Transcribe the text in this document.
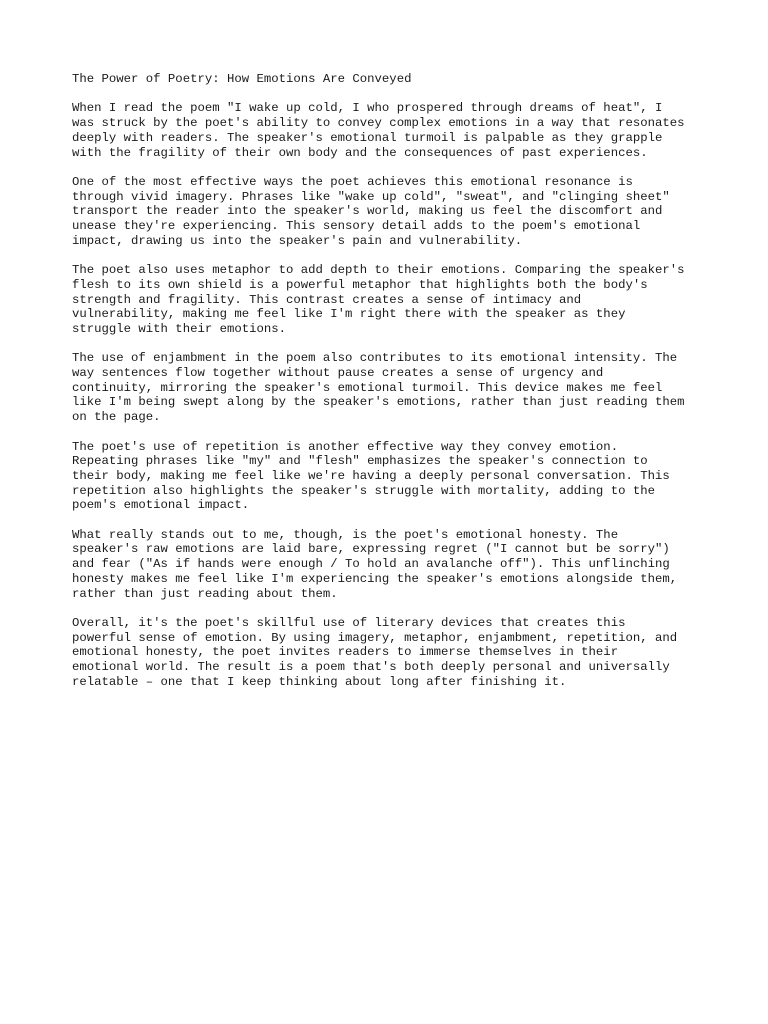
The Power of Poetry: How Emotions Are Conveyed
When I read the poem "I wake up cold, I who prospered through dreams of heat", I
was struck by the poet's ability to convey complex emotions in a way that resonates
deeply with readers. The speaker's emotional turmoil is palpable as they grapple
with the fragility of their own body and the consequences of past experiences.
One of the most effective ways the poet achieves this emotional resonance is
through vivid imagery. Phrases like "wake up cold", "sweat", and "clinging sheet"
transport the reader into the speaker's world, making us feel the discomfort and
unease they're experiencing. This sensory detail adds to the poem's emotional
impact, drawing us into the speaker's pain and vulnerability.
The poet also uses metaphor to add depth to their emotions. Comparing the speaker's
flesh to its own shield is a powerful metaphor that highlights both the body's
strength and fragility. This contrast creates a sense of intimacy and
vulnerability, making me feel like I'm right there with the speaker as they
struggle with their emotions.
The use of enjambment in the poem also contributes to its emotional intensity. The
way sentences flow together without pause creates a sense of urgency and
continuity, mirroring the speaker's emotional turmoil. This device makes me feel
like I'm being swept along by the speaker's emotions, rather than just reading them
on the page.
The poet's use of repetition is another effective way they convey emotion.
Repeating phrases like "my" and "flesh" emphasizes the speaker's connection to
their body, making me feel like we're having a deeply personal conversation. This
repetition also highlights the speaker's struggle with mortality, adding to the
poem's emotional impact.
What really stands out to me, though, is the poet's emotional honesty. The
speaker's raw emotions are laid bare, expressing regret ("I cannot but be sorry")
and fear ("As if hands were enough / To hold an avalanche off"). This unflinching
honesty makes me feel like I'm experiencing the speaker's emotions alongside them,
rather than just reading about them.
Overall, it's the poet's skillful use of literary devices that creates this
powerful sense of emotion. By using imagery, metaphor, enjambment, repetition, and
emotional honesty, the poet invites readers to immerse themselves in their
emotional world. The result is a poem that's both deeply personal and universally
relatable – one that I keep thinking about long after finishing it.
